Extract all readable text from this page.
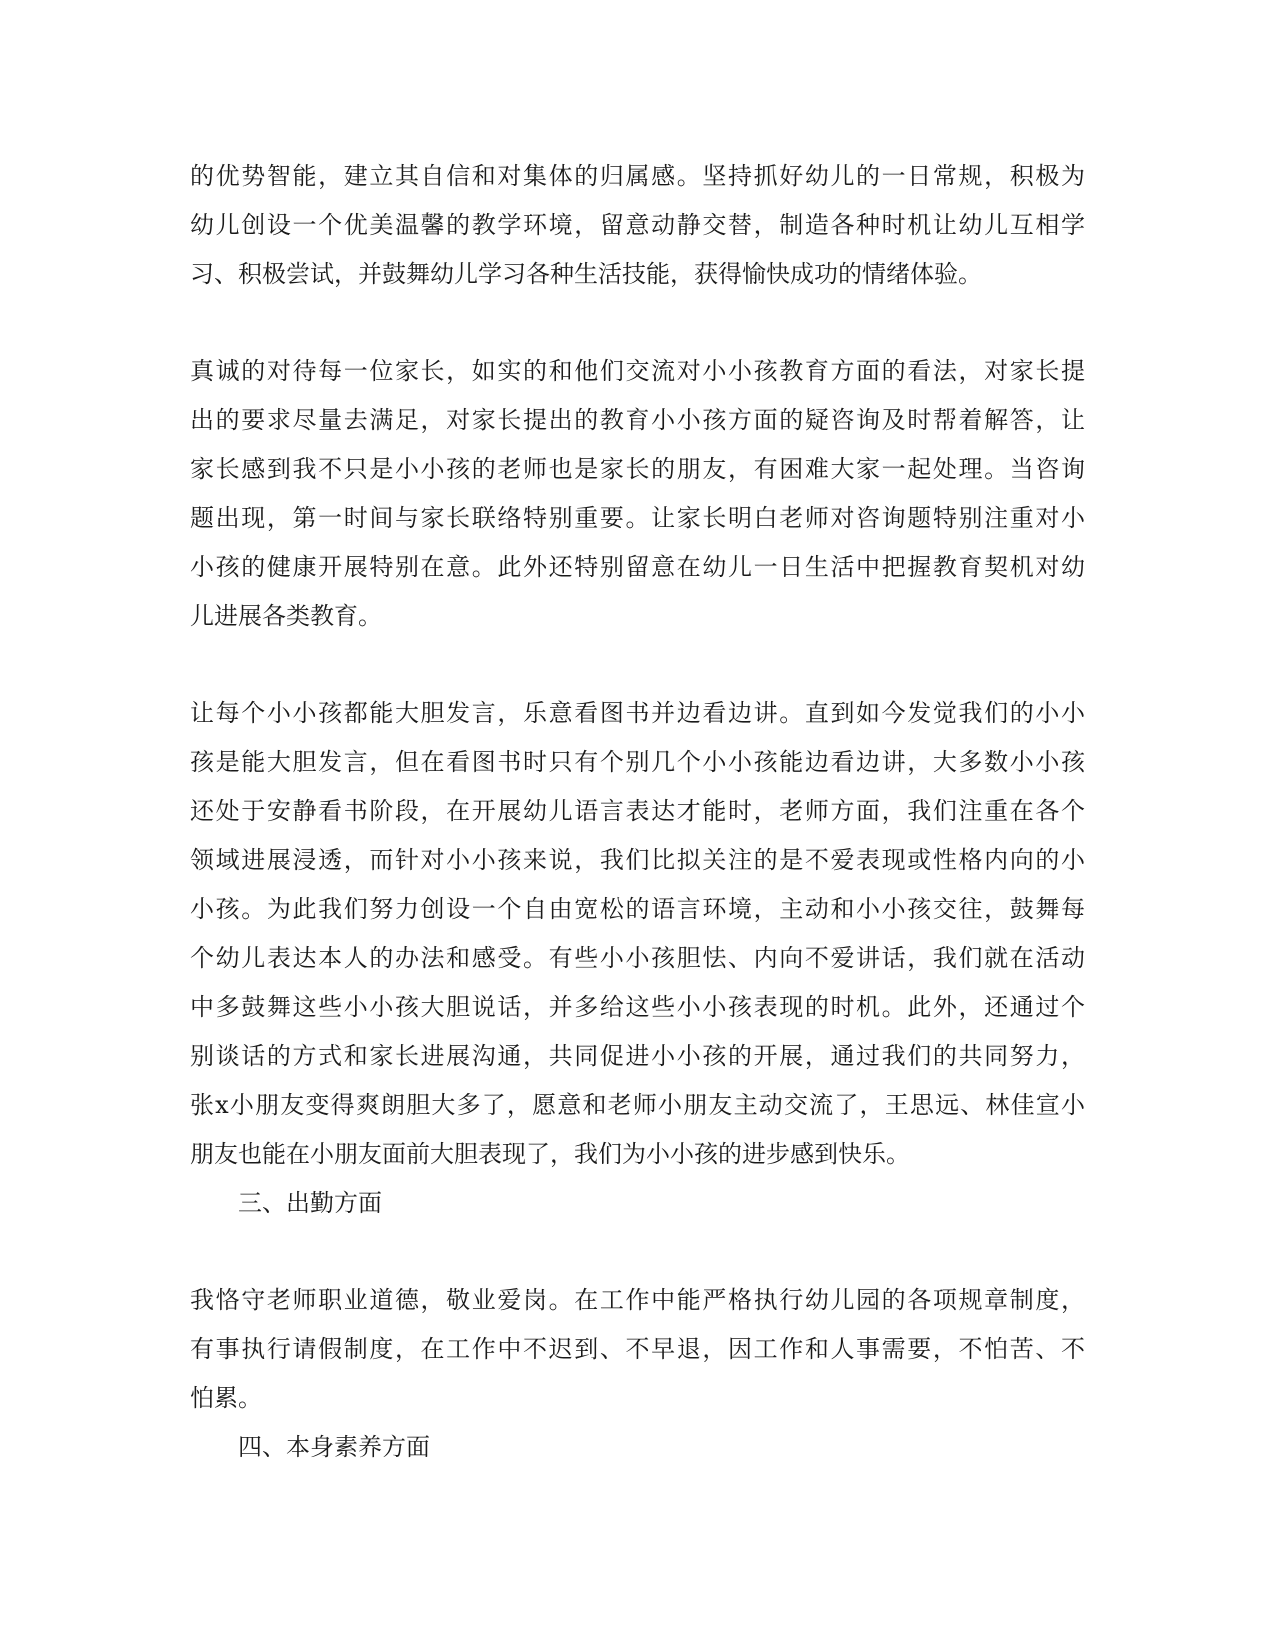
的优势智能，建立其自信和对集体的归属感。坚持抓好幼儿的一日常规，积极为
幼儿创设一个优美温馨的教学环境，留意动静交替，制造各种时机让幼儿互相学
习、积极尝试，并鼓舞幼儿学习各种生活技能，获得愉快成功的情绪体验。
真诚的对待每一位家长，如实的和他们交流对小小孩教育方面的看法，对家长提
出的要求尽量去满足，对家长提出的教育小小孩方面的疑咨询及时帮着解答，让
家长感到我不只是小小孩的老师也是家长的朋友，有困难大家一起处理。当咨询
题出现，第一时间与家长联络特别重要。让家长明白老师对咨询题特别注重对小
小孩的健康开展特别在意。此外还特别留意在幼儿一日生活中把握教育契机对幼
儿进展各类教育。
让每个小小孩都能大胆发言，乐意看图书并边看边讲。直到如今发觉我们的小小
孩是能大胆发言，但在看图书时只有个别几个小小孩能边看边讲，大多数小小孩
还处于安静看书阶段，在开展幼儿语言表达才能时，老师方面，我们注重在各个
领域进展浸透，而针对小小孩来说，我们比拟关注的是不爱表现或性格内向的小
小孩。为此我们努力创设一个自由宽松的语言环境，主动和小小孩交往，鼓舞每
个幼儿表达本人的办法和感受。有些小小孩胆怯、内向不爱讲话，我们就在活动
中多鼓舞这些小小孩大胆说话，并多给这些小小孩表现的时机。此外，还通过个
别谈话的方式和家长进展沟通，共同促进小小孩的开展，通过我们的共同努力，
张x小朋友变得爽朗胆大多了，愿意和老师小朋友主动交流了，王思远、林佳宣小
朋友也能在小朋友面前大胆表现了，我们为小小孩的进步感到快乐。
三、出勤方面
我恪守老师职业道德，敬业爱岗。在工作中能严格执行幼儿园的各项规章制度，
有事执行请假制度，在工作中不迟到、不早退，因工作和人事需要，不怕苦、不
怕累。
四、本身素养方面
